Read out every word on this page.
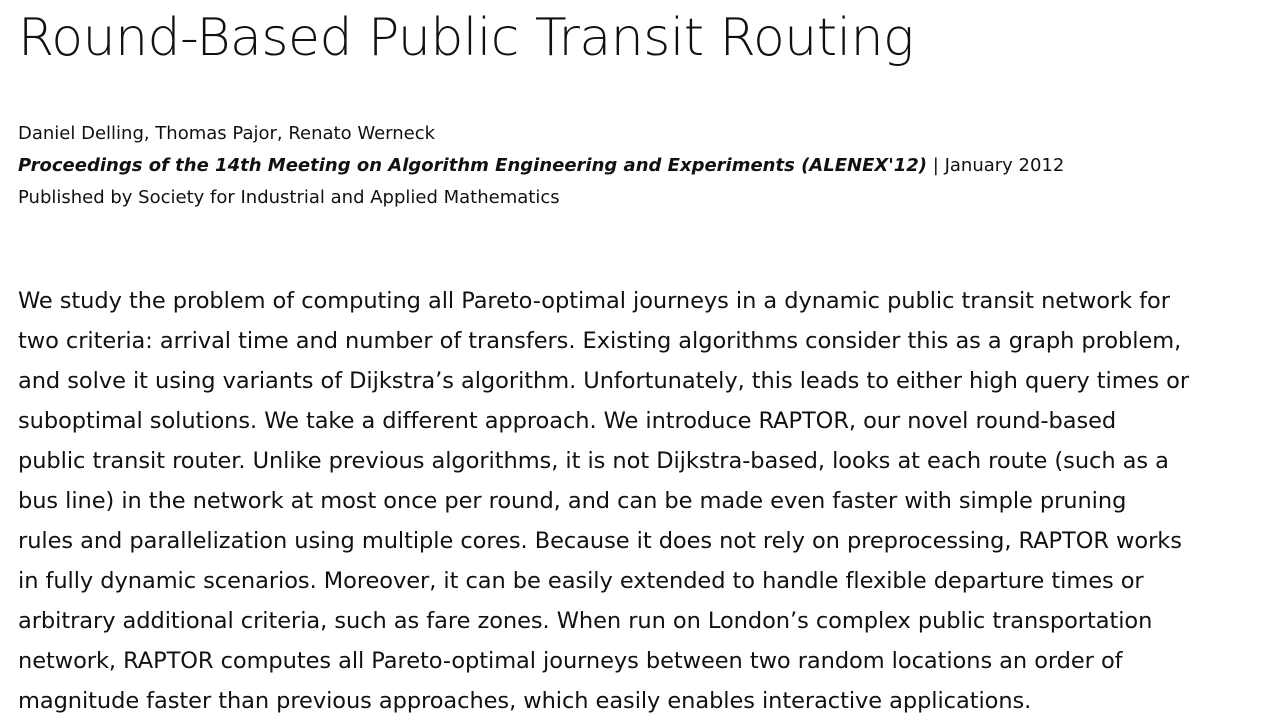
Round-Based Public Transit Routing
Daniel Delling, Thomas Pajor, Renato Werneck
Proceedings of the 14th Meeting on Algorithm Engineering and Experiments (ALENEX'12) | January 2012
Published by Society for Industrial and Applied Mathematics

We study the problem of computing all Pareto-optimal journeys in a dynamic public transit network for
two criteria: arrival time and number of transfers. Existing algorithms consider this as a graph problem,
and solve it using variants of Dijkstra’s algorithm. Unfortunately, this leads to either high query times or
suboptimal solutions. We take a different approach. We introduce RAPTOR, our novel round-based
public transit router. Unlike previous algorithms, it is not Dijkstra-based, looks at each route (such as a
bus line) in the network at most once per round, and can be made even faster with simple pruning
rules and parallelization using multiple cores. Because it does not rely on preprocessing, RAPTOR works
in fully dynamic scenarios. Moreover, it can be easily extended to handle flexible departure times or
arbitrary additional criteria, such as fare zones. When run on London’s complex public transportation
network, RAPTOR computes all Pareto-optimal journeys between two random locations an order of
magnitude faster than previous approaches, which easily enables interactive applications.
